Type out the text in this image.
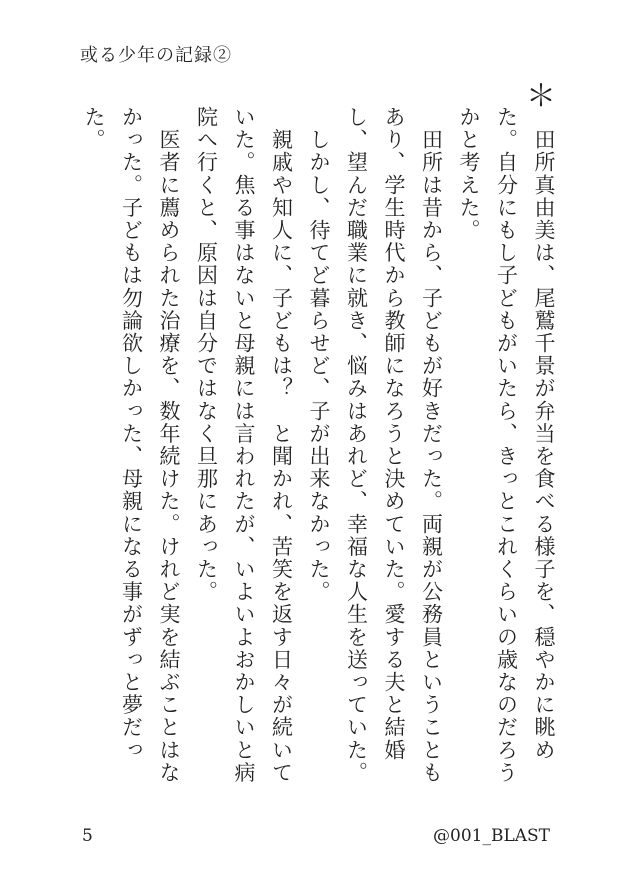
或る少年の記録②
＊

　田所真由美は、尾鷲千景が弁当を食べる様子を、穏やかに眺めた。自分にもし子どもがいたら、きっとこれくらいの歳なのだろうかと考えた。

　田所は昔から、子どもが好きだった。両親が公務員ということもあり、学生時代から教師になろうと決めていた。愛する夫と結婚し、望んだ職業に就き、悩みはあれど、幸福な人生を送っていた。

　しかし、待てど暮らせど、子が出来なかった。

　親戚や知人に、子どもは？　と聞かれ、苦笑を返す日々が続いていた。焦る事はないと母親には言われたが、いよいよおかしいと病院へ行くと、原因は自分ではなく旦那にあった。

　医者に薦められた治療を、数年続けた。けれど実を結ぶことはなかった。子どもは勿論欲しかった、母親になる事がずっと夢だった。

5	@001_BLAST
